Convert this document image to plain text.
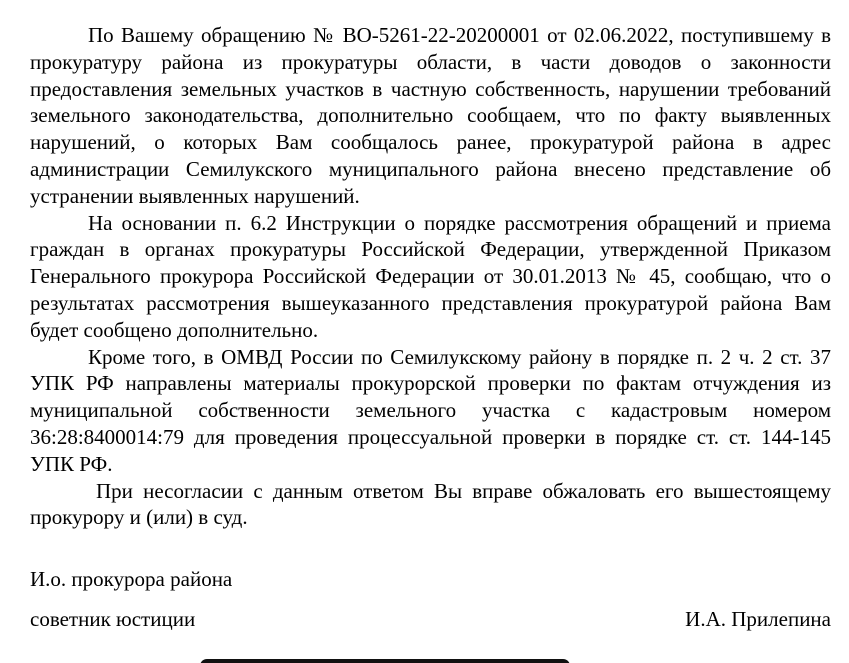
По Вашему обращению № ВО-5261-22-20200001 от 02.06.2022, поступившему в прокуратуру района из прокуратуры области, в части доводов о законности предоставления земельных участков в частную собственность, нарушении требований земельного законодательства, дополнительно сообщаем, что по факту выявленных нарушений, о которых Вам сообщалось ранее, прокуратурой района в адрес администрации Семилукского муниципального района внесено представление об устранении выявленных нарушений.

На основании п. 6.2 Инструкции о порядке рассмотрения обращений и приема граждан в органах прокуратуры Российской Федерации, утвержденной Приказом Генерального прокурора Российской Федерации от 30.01.2013 № 45, сообщаю, что о результатах рассмотрения вышеуказанного представления прокуратурой района Вам будет сообщено дополнительно.

Кроме того, в ОМВД России по Семилукскому району в порядке п. 2 ч. 2 ст. 37 УПК РФ направлены материалы прокурорской проверки по фактам отчуждения из муниципальной собственности земельного участка с кадастровым номером 36:28:8400014:79 для проведения процессуальной проверки в порядке ст. ст. 144-145 УПК РФ.

При несогласии с данным ответом Вы вправе обжаловать его вышестоящему прокурору и (или) в суд.

И.о. прокурора района

советник юстиции	И.А. Прилепина
